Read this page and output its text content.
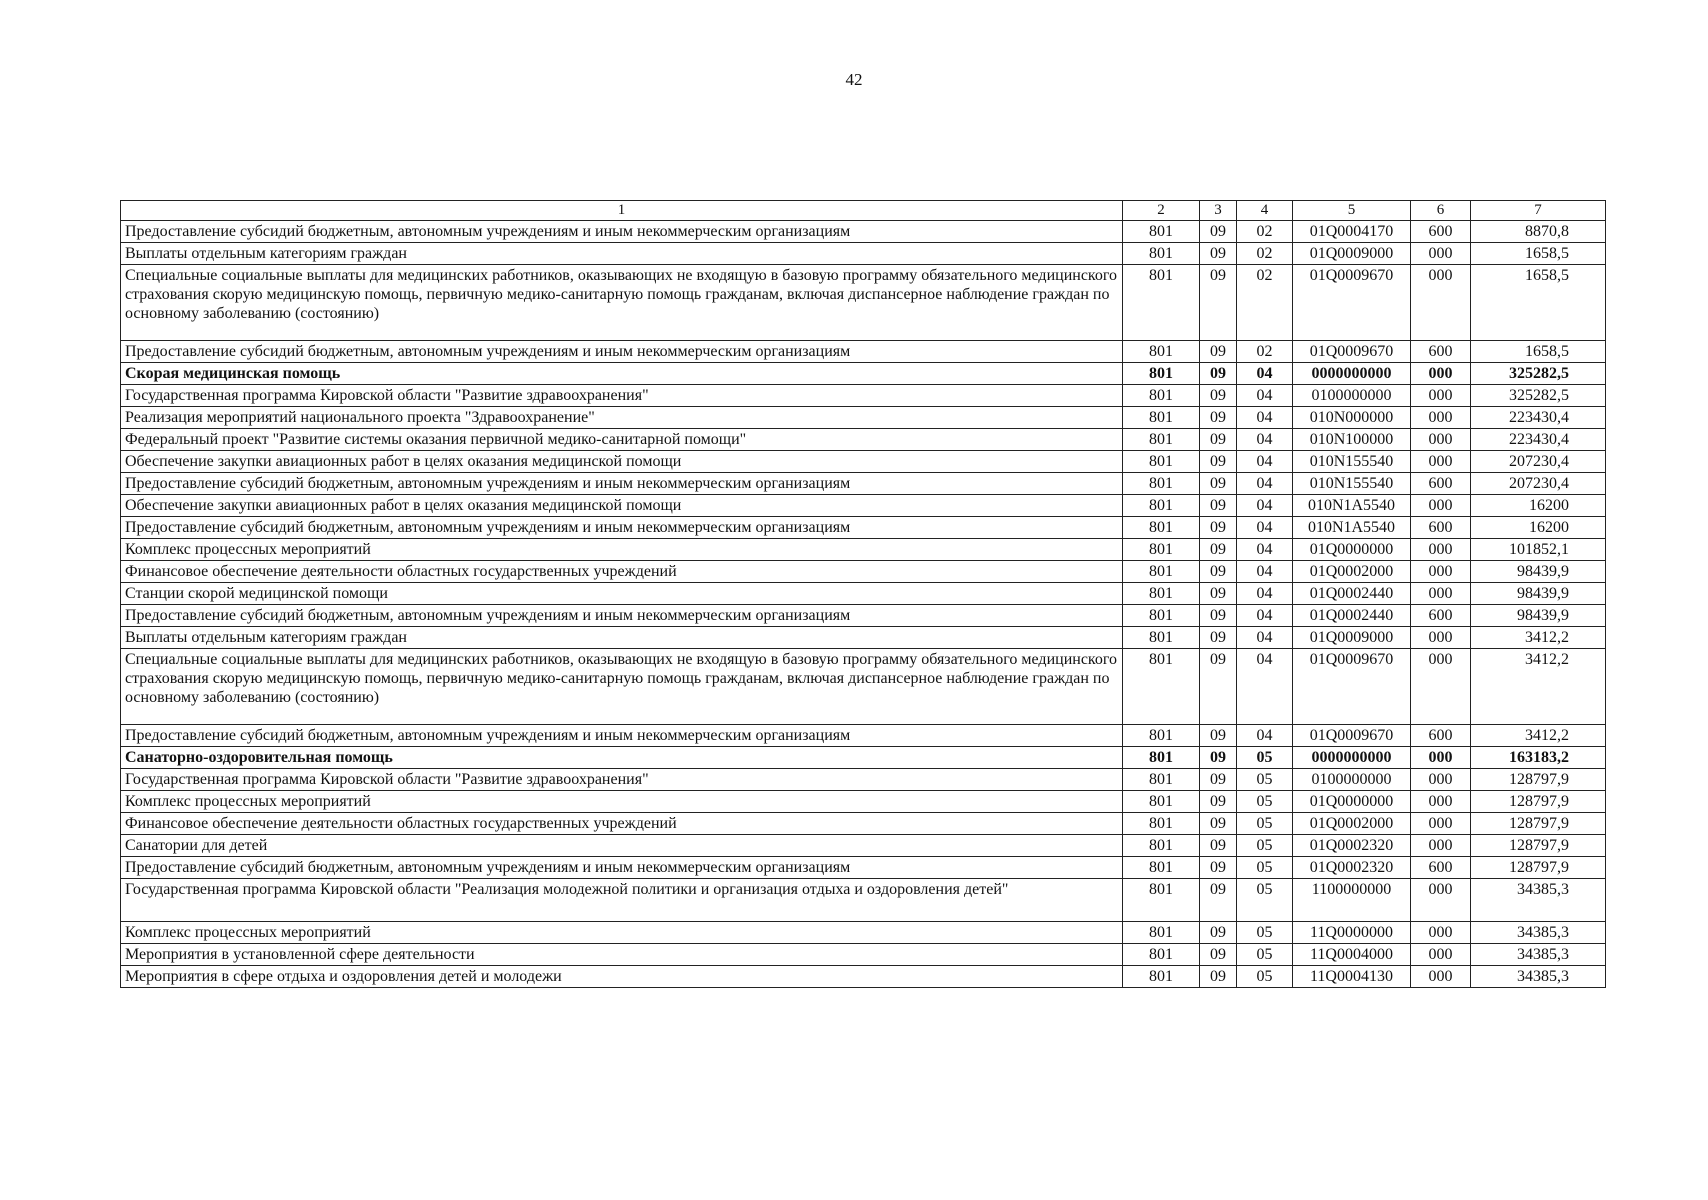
42
1	2	3	4	5	6	7
Предоставление субсидий бюджетным, автономным учреждениям и иным некоммерческим организациям	801	09	02	01Q0004170	600	8870,8
Выплаты отдельным категориям граждан	801	09	02	01Q0009000	000	1658,5
Специальные социальные выплаты для медицинских работников, оказывающих не входящую в базовую программу обязательного медицинского страхования скорую медицинскую помощь, первичную медико-санитарную помощь гражданам, включая диспансерное наблюдение граждан по основному заболеванию (состоянию)	801	09	02	01Q0009670	000	1658,5
Предоставление субсидий бюджетным, автономным учреждениям и иным некоммерческим организациям	801	09	02	01Q0009670	600	1658,5
Скорая медицинская помощь	801	09	04	0000000000	000	325282,5
Государственная программа Кировской области "Развитие здравоохранения"	801	09	04	0100000000	000	325282,5
Реализация мероприятий национального проекта "Здравоохранение"	801	09	04	010N000000	000	223430,4
Федеральный проект "Развитие системы оказания первичной медико-санитарной помощи"	801	09	04	010N100000	000	223430,4
Обеспечение закупки авиационных работ в целях оказания медицинской помощи	801	09	04	010N155540	000	207230,4
Предоставление субсидий бюджетным, автономным учреждениям и иным некоммерческим организациям	801	09	04	010N155540	600	207230,4
Обеспечение закупки авиационных работ в целях оказания медицинской помощи	801	09	04	010N1A5540	000	16200
Предоставление субсидий бюджетным, автономным учреждениям и иным некоммерческим организациям	801	09	04	010N1A5540	600	16200
Комплекс процессных мероприятий	801	09	04	01Q0000000	000	101852,1
Финансовое обеспечение деятельности областных государственных учреждений	801	09	04	01Q0002000	000	98439,9
Станции скорой медицинской помощи	801	09	04	01Q0002440	000	98439,9
Предоставление субсидий бюджетным, автономным учреждениям и иным некоммерческим организациям	801	09	04	01Q0002440	600	98439,9
Выплаты отдельным категориям граждан	801	09	04	01Q0009000	000	3412,2
Специальные социальные выплаты для медицинских работников, оказывающих не входящую в базовую программу обязательного медицинского страхования скорую медицинскую помощь, первичную медико-санитарную помощь гражданам, включая диспансерное наблюдение граждан по основному заболеванию (состоянию)	801	09	04	01Q0009670	000	3412,2
Предоставление субсидий бюджетным, автономным учреждениям и иным некоммерческим организациям	801	09	04	01Q0009670	600	3412,2
Санаторно-оздоровительная помощь	801	09	05	0000000000	000	163183,2
Государственная программа Кировской области "Развитие здравоохранения"	801	09	05	0100000000	000	128797,9
Комплекс процессных мероприятий	801	09	05	01Q0000000	000	128797,9
Финансовое обеспечение деятельности областных государственных учреждений	801	09	05	01Q0002000	000	128797,9
Санатории для детей	801	09	05	01Q0002320	000	128797,9
Предоставление субсидий бюджетным, автономным учреждениям и иным некоммерческим организациям	801	09	05	01Q0002320	600	128797,9
Государственная программа Кировской области "Реализация молодежной политики и организация отдыха и оздоровления детей"	801	09	05	1100000000	000	34385,3
Комплекс процессных мероприятий	801	09	05	11Q0000000	000	34385,3
Мероприятия в установленной сфере деятельности	801	09	05	11Q0004000	000	34385,3
Мероприятия в сфере отдыха и оздоровления детей и молодежи	801	09	05	11Q0004130	000	34385,3
